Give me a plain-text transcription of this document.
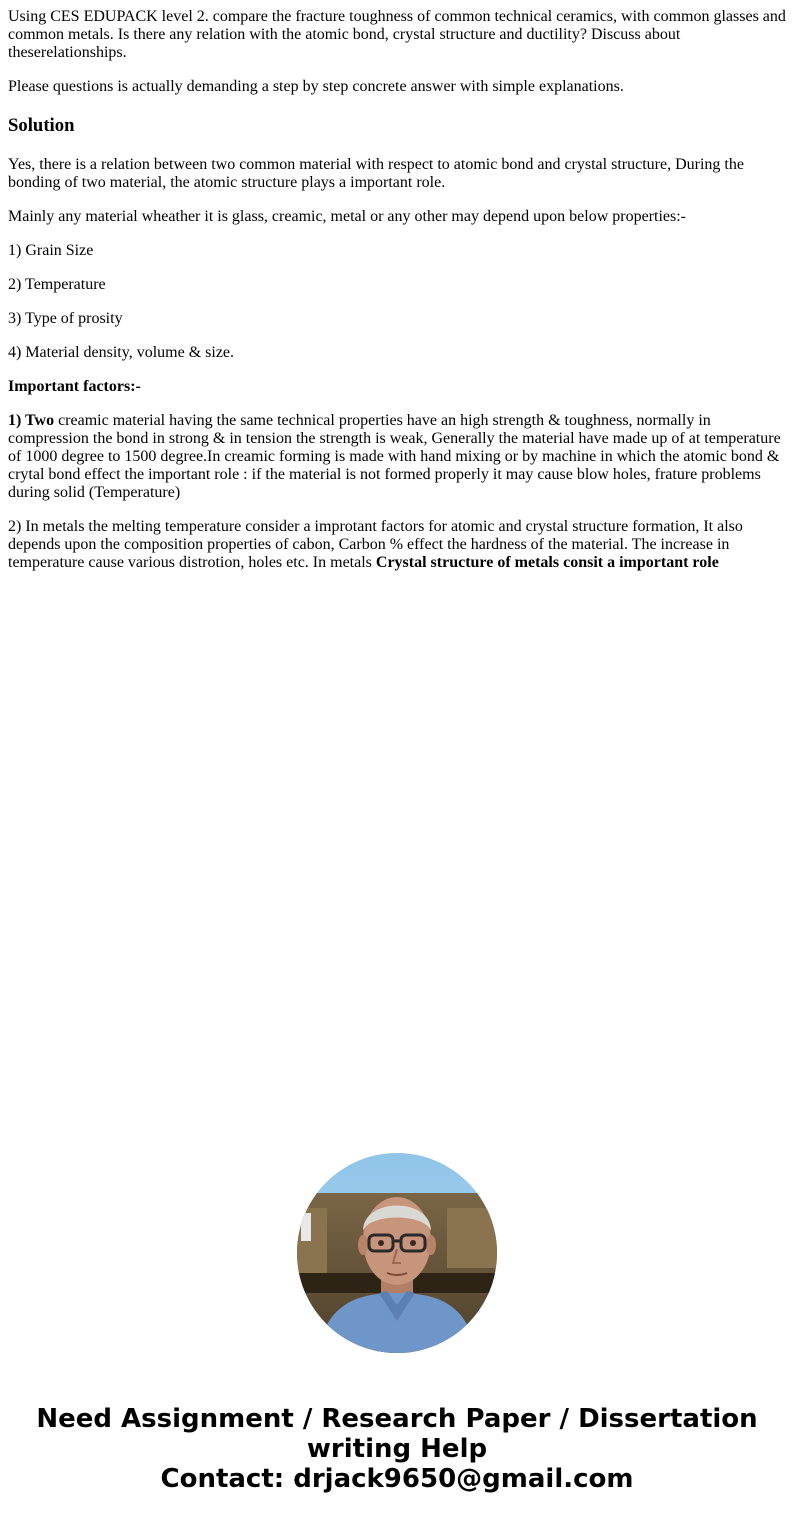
Using CES EDUPACK level 2. compare the fracture toughness of common technical ceramics, with common glasses and common metals. Is there any relation with the atomic bond, crystal structure and ductility? Discuss about theserelationships.

Please questions is actually demanding a step by step concrete answer with simple explanations.

Solution

Yes, there is a relation between two common material with respect to atomic bond and crystal structure, During the bonding of two material, the atomic structure plays a important role.

Mainly any material wheather it is glass, creamic, metal or any other may depend upon below properties:-

1) Grain Size

2) Temperature

3) Type of prosity

4) Material density, volume & size.

Important factors:-

1) Two creamic material having the same technical properties have an high strength & toughness, normally in compression the bond in strong & in tension the strength is weak, Generally the material have made up of at temperature of 1000 degree to 1500 degree.In creamic forming is made with hand mixing or by machine in which the atomic bond & crytal bond effect the important role : if the material is not formed properly it may cause blow holes, frature problems during solid (Temperature)

2) In metals the melting temperature consider a improtant factors for atomic and crystal structure formation, It also depends upon the composition properties of cabon, Carbon % effect the hardness of the material. The increase in temperature cause various distrotion, holes etc. In metals Crystal structure of metals consit a important role

Need Assignment / Research Paper / Dissertation
writing Help
Contact: drjack9650@gmail.com
